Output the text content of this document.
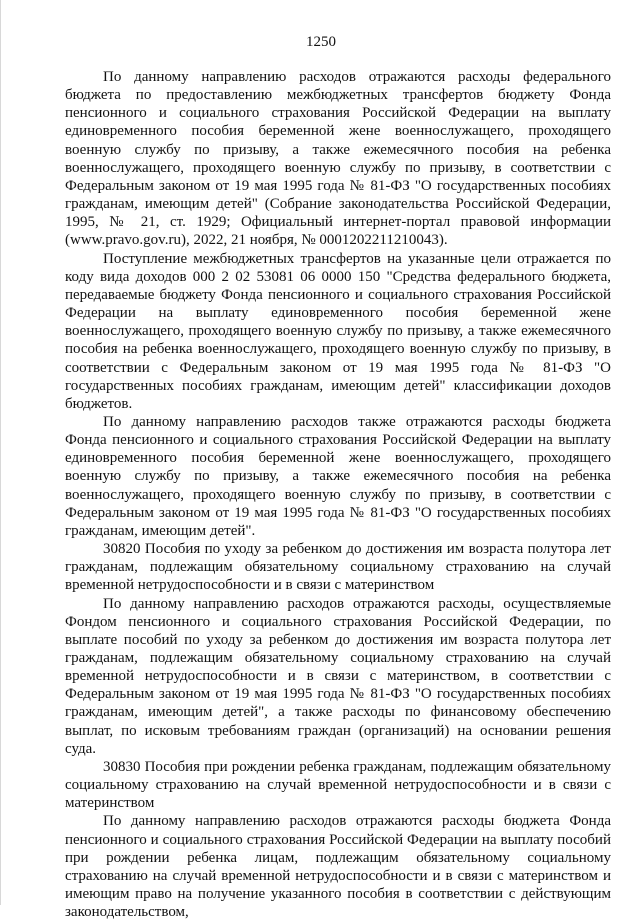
1250

По данному направлению расходов отражаются расходы федерального бюджета по предоставлению межбюджетных трансфертов бюджету Фонда пенсионного и социального страхования Российской Федерации на выплату единовременного пособия беременной жене военнослужащего, проходящего военную службу по призыву, а также ежемесячного пособия на ребенка военнослужащего, проходящего военную службу по призыву, в соответствии с Федеральным законом от 19 мая 1995 года № 81-ФЗ "О государственных пособиях гражданам, имеющим детей" (Собрание законодательства Российской Федерации, 1995, № 21, ст. 1929; Официальный интернет-портал правовой информации (www.pravo.gov.ru), 2022, 21 ноября, № 0001202211210043).

Поступление межбюджетных трансфертов на указанные цели отражается по коду вида доходов 000 2 02 53081 06 0000 150 "Средства федерального бюджета, передаваемые бюджету Фонда пенсионного и социального страхования Российской Федерации на выплату единовременного пособия беременной жене военнослужащего, проходящего военную службу по призыву, а также ежемесячного пособия на ребенка военнослужащего, проходящего военную службу по призыву, в соответствии с Федеральным законом от 19 мая 1995 года № 81-ФЗ "О государственных пособиях гражданам, имеющим детей" классификации доходов бюджетов.

По данному направлению расходов также отражаются расходы бюджета Фонда пенсионного и социального страхования Российской Федерации на выплату единовременного пособия беременной жене военнослужащего, проходящего военную службу по призыву, а также ежемесячного пособия на ребенка военнослужащего, проходящего военную службу по призыву, в соответствии с Федеральным законом от 19 мая 1995 года № 81-ФЗ "О государственных пособиях гражданам, имеющим детей".

30820 Пособия по уходу за ребенком до достижения им возраста полутора лет гражданам, подлежащим обязательному социальному страхованию на случай временной нетрудоспособности и в связи с материнством

По данному направлению расходов отражаются расходы, осуществляемые Фондом пенсионного и социального страхования Российской Федерации, по выплате пособий по уходу за ребенком до достижения им возраста полутора лет гражданам, подлежащим обязательному социальному страхованию на случай временной нетрудоспособности и в связи с материнством, в соответствии с Федеральным законом от 19 мая 1995 года № 81-ФЗ "О государственных пособиях гражданам, имеющим детей", а также расходы по финансовому обеспечению выплат, по исковым требованиям граждан (организаций) на основании решения суда.

30830 Пособия при рождении ребенка гражданам, подлежащим обязательному социальному страхованию на случай временной нетрудоспособности и в связи с материнством

По данному направлению расходов отражаются расходы бюджета Фонда пенсионного и социального страхования Российской Федерации на выплату пособий при рождении ребенка лицам, подлежащим обязательному социальному страхованию на случай временной нетрудоспособности и в связи с материнством и имеющим право на получение указанного пособия в соответствии с действующим законодательством,
